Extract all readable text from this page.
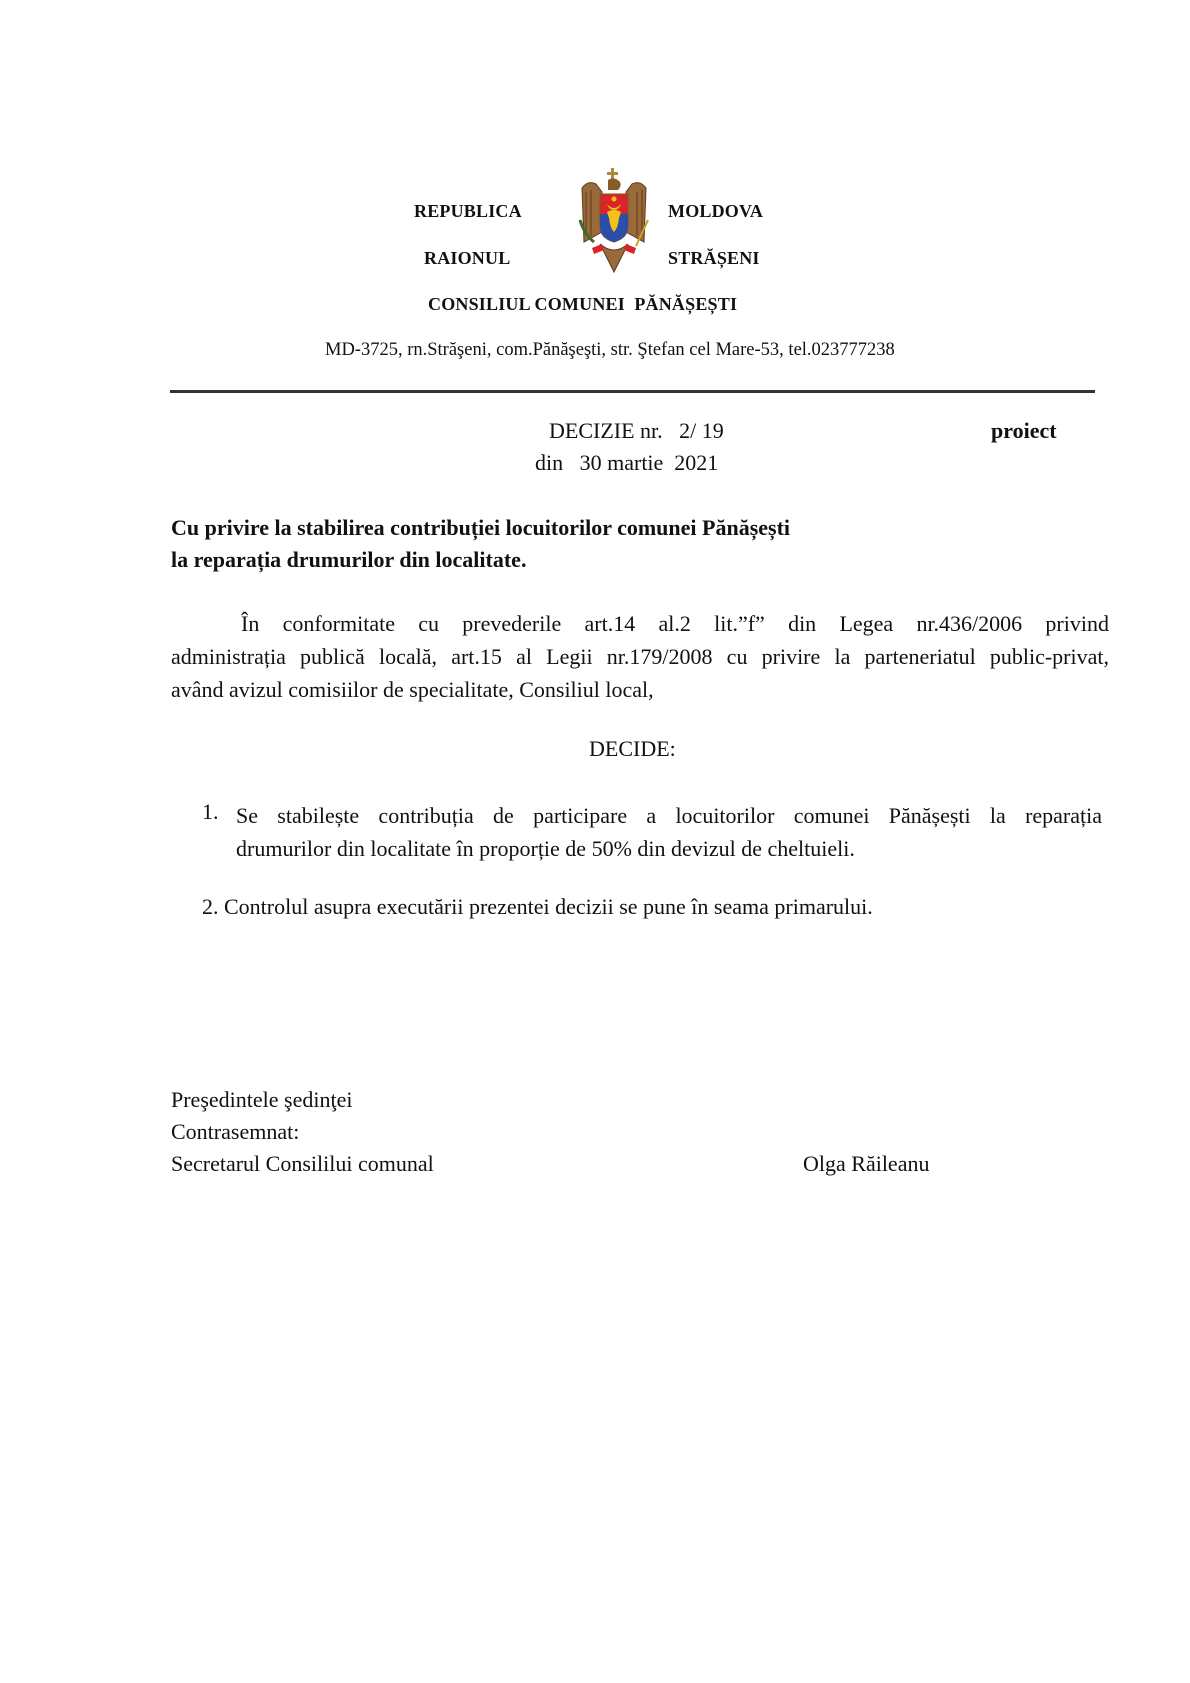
REPUBLICA	MOLDOVA
RAIONUL	STRĂȘENI
CONSILIUL COMUNEI  PĂNĂȘEȘTI
MD-3725, rn.Străşeni, com.Pănăşeşti, str. Ştefan cel Mare-53, tel.023777238
DECIZIE nr.   2/ 19	proiect
din   30 martie  2021
Cu privire la stabilirea contribuției locuitorilor comunei Pănășești
la reparația drumurilor din localitate.
În conformitate cu prevederile art.14 al.2 lit.”f” din Legea nr.436/2006 privind
administrația publică locală, art.15 al Legii nr.179/2008 cu privire la parteneriatul public-privat,
având avizul comisiilor de specialitate, Consiliul local,
DECIDE:
1. Se stabilește contribuția de participare a locuitorilor comunei Pănășești la reparația
drumurilor din localitate în proporție de 50% din devizul de cheltuieli.
2. Controlul asupra executării prezentei decizii se pune în seama primarului.
Preşedintele şedinţei
Contrasemnat:
Secretarul Consililui comunal	Olga Răileanu
